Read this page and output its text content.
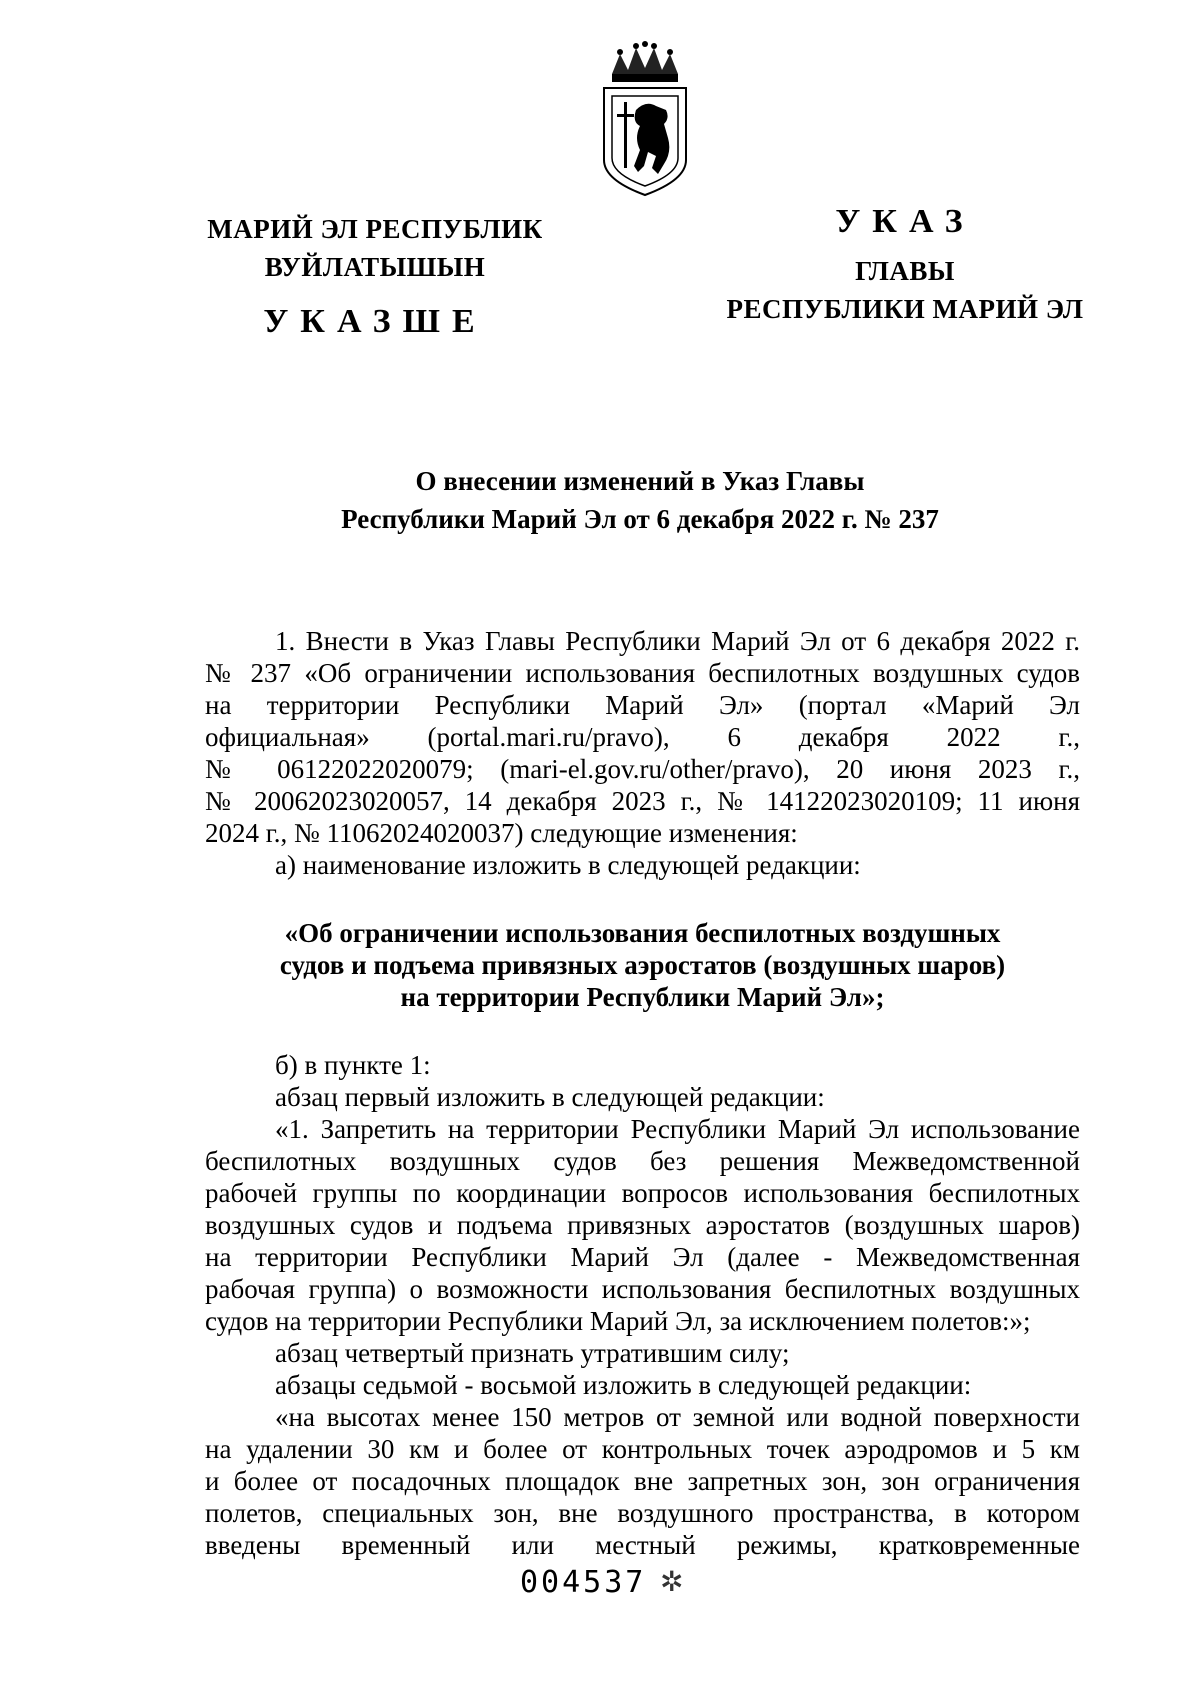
МАРИЙ ЭЛ РЕСПУБЛИК
ВУЙЛАТЫШЫН
УКАЗШЕ
УКАЗ
ГЛАВЫ
РЕСПУБЛИКИ МАРИЙ ЭЛ
О внесении изменений в Указ Главы
Республики Марий Эл от 6 декабря 2022 г. № 237
1. Внести в Указ Главы Республики Марий Эл от 6 декабря 2022 г.
№ 237 «Об ограничении использования беспилотных воздушных судов
на территории Республики Марий Эл» (портал «Марий Эл
официальная» (portal.mari.ru/pravo), 6 декабря 2022 г.,
№ 06122022020079; (mari-el.gov.ru/other/pravo), 20 июня 2023 г.,
№ 20062023020057, 14 декабря 2023 г., № 14122023020109; 11 июня
2024 г., № 11062024020037) следующие изменения:
а) наименование изложить в следующей редакции:
«Об ограничении использования беспилотных воздушных
судов и подъема привязных аэростатов (воздушных шаров)
на территории Республики Марий Эл»;
б) в пункте 1:
абзац первый изложить в следующей редакции:
«1. Запретить на территории Республики Марий Эл использование
беспилотных воздушных судов без решения Межведомственной
рабочей группы по координации вопросов использования беспилотных
воздушных судов и подъема привязных аэростатов (воздушных шаров)
на территории Республики Марий Эл (далее - Межведомственная
рабочая группа) о возможности использования беспилотных воздушных
судов на территории Республики Марий Эл, за исключением полетов:»;
абзац четвертый признать утратившим силу;
абзацы седьмой - восьмой изложить в следующей редакции:
«на высотах менее 150 метров от земной или водной поверхности
на удалении 30 км и более от контрольных точек аэродромов и 5 км
и более от посадочных площадок вне запретных зон, зон ограничения
полетов, специальных зон, вне воздушного пространства, в котором
введены временный или местный режимы, кратковременные
004537 ✲
